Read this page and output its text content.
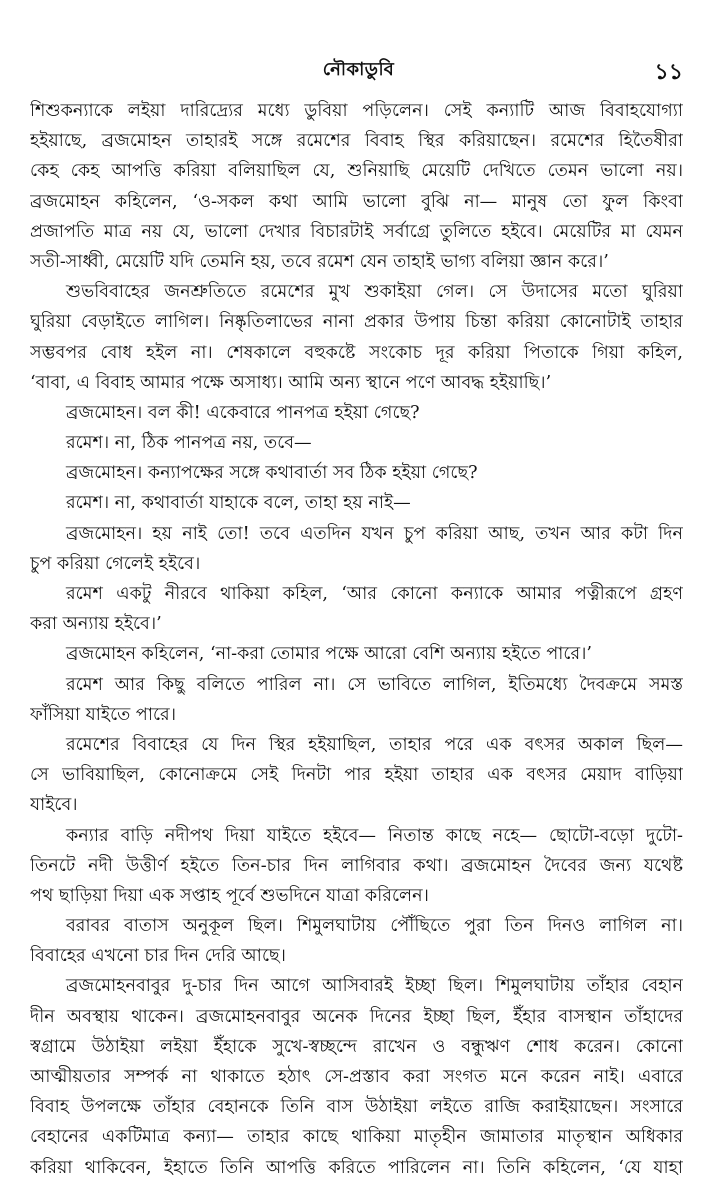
নৌকাডুবি	১১
শিশুকন্যাকে লইয়া দারিদ্র্যের মধ্যে ডুবিয়া পড়িলেন। সেই কন্যাটি আজ বিবাহযোগ্যা
হইয়াছে, ব্রজমোহন তাহারই সঙ্গে রমেশের বিবাহ স্থির করিয়াছেন। রমেশের হিতৈষীরা
কেহ কেহ আপত্তি করিয়া বলিয়াছিল যে, শুনিয়াছি মেয়েটি দেখিতে তেমন ভালো নয়।
ব্রজমোহন কহিলেন, ‘ও-সকল কথা আমি ভালো বুঝি না— মানুষ তো ফুল কিংবা
প্রজাপতি মাত্র নয় যে, ভালো দেখার বিচারটাই সর্বাগ্রে তুলিতে হইবে। মেয়েটির মা যেমন
সতী-সাধ্বী, মেয়েটি যদি তেমনি হয়, তবে রমেশ যেন তাহাই ভাগ্য বলিয়া জ্ঞান করে।’
শুভবিবাহের জনশ্রুতিতে রমেশের মুখ শুকাইয়া গেল। সে উদাসের মতো ঘুরিয়া
ঘুরিয়া বেড়াইতে লাগিল। নিষ্কৃতিলাভের নানা প্রকার উপায় চিন্তা করিয়া কোনোটাই তাহার
সম্ভবপর বোধ হইল না। শেষকালে বহুকষ্টে সংকোচ দূর করিয়া পিতাকে গিয়া কহিল,
‘বাবা, এ বিবাহ আমার পক্ষে অসাধ্য। আমি অন্য স্থানে পণে আবদ্ধ হইয়াছি।’
ব্রজমোহন। বল কী! একেবারে পানপত্র হইয়া গেছে?
রমেশ। না, ঠিক পানপত্র নয়, তবে—
ব্রজমোহন। কন্যাপক্ষের সঙ্গে কথাবার্তা সব ঠিক হইয়া গেছে?
রমেশ। না, কথাবার্তা যাহাকে বলে, তাহা হয় নাই—
ব্রজমোহন। হয় নাই তো! তবে এতদিন যখন চুপ করিয়া আছ, তখন আর কটা দিন
চুপ করিয়া গেলেই হইবে।
রমেশ একটু নীরবে থাকিয়া কহিল, ‘আর কোনো কন্যাকে আমার পত্নীরূপে গ্রহণ
করা অন্যায় হইবে।’
ব্রজমোহন কহিলেন, ‘না-করা তোমার পক্ষে আরো বেশি অন্যায় হইতে পারে।’
রমেশ আর কিছু বলিতে পারিল না। সে ভাবিতে লাগিল, ইতিমধ্যে দৈবক্রমে সমস্ত
ফাঁসিয়া যাইতে পারে।
রমেশের বিবাহের যে দিন স্থির হইয়াছিল, তাহার পরে এক বৎসর অকাল ছিল—
সে ভাবিয়াছিল, কোনোক্রমে সেই দিনটা পার হইয়া তাহার এক বৎসর মেয়াদ বাড়িয়া
যাইবে।
কন্যার বাড়ি নদীপথ দিয়া যাইতে হইবে— নিতান্ত কাছে নহে— ছোটো-বড়ো দুটো-
তিনটে নদী উত্তীর্ণ হইতে তিন-চার দিন লাগিবার কথা। ব্রজমোহন দৈবের জন্য যথেষ্ট
পথ ছাড়িয়া দিয়া এক সপ্তাহ পূর্বে শুভদিনে যাত্রা করিলেন।
বরাবর বাতাস অনুকূল ছিল। শিমুলঘাটায় পৌঁছিতে পুরা তিন দিনও লাগিল না।
বিবাহের এখনো চার দিন দেরি আছে।
ব্রজমোহনবাবুর দু-চার দিন আগে আসিবারই ইচ্ছা ছিল। শিমুলঘাটায় তাঁহার বেহান
দীন অবস্থায় থাকেন। ব্রজমোহনবাবুর অনেক দিনের ইচ্ছা ছিল, ইঁহার বাসস্থান তাঁহাদের
স্বগ্রামে উঠাইয়া লইয়া ইঁহাকে সুখে-স্বচ্ছন্দে রাখেন ও বন্ধুঋণ শোধ করেন। কোনো
আত্মীয়তার সম্পর্ক না থাকাতে হঠাৎ সে-প্রস্তাব করা সংগত মনে করেন নাই। এবারে
বিবাহ উপলক্ষে তাঁহার বেহানকে তিনি বাস উঠাইয়া লইতে রাজি করাইয়াছেন। সংসারে
বেহানের একটিমাত্র কন্যা— তাহার কাছে থাকিয়া মাতৃহীন জামাতার মাতৃস্থান অধিকার
করিয়া থাকিবেন, ইহাতে তিনি আপত্তি করিতে পারিলেন না। তিনি কহিলেন, ‘যে যাহা
